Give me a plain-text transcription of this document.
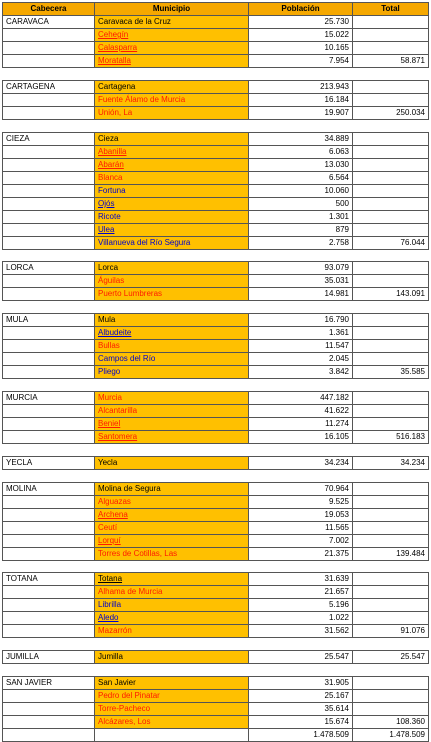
Cabecera	Municipio	Población	Total
CARAVACA	Caravaca de la Cruz	25.730	
	Cehegín	15.022	
	Calasparra	10.165	
	Moratalla	7.954	58.871

CARTAGENA	Cartagena	213.943	
	Fuente Álamo de Murcia	16.184	
	Unión, La	19.907	250.034

CIEZA	Cieza	34.889	
	Abanilla	6.063	
	Abarán	13.030	
	Blanca	6.564	
	Fortuna	10.060	
	Ojós	500	
	Ricote	1.301	
	Ulea	879	
	Villanueva del Río Segura	2.758	76.044

LORCA	Lorca	93.079	
	Águilas	35.031	
	Puerto Lumbreras	14.981	143.091

MULA	Mula	16.790	
	Albudeite	1.361	
	Bullas	11.547	
	Campos del Río	2.045	
	Pliego	3.842	35.585

MURCIA	Murcia	447.182	
	Alcantarilla	41.622	
	Beniel	11.274	
	Santomera	16.105	516.183

YECLA	Yecla	34.234	34.234

MOLINA	Molina de Segura	70.964	
	Alguazas	9.525	
	Archena	19.053	
	Ceutí	11.565	
	Lorquí	7.002	
	Torres de Cotillas, Las	21.375	139.484

TOTANA	Totana	31.639	
	Alhama de Murcia	21.657	
	Librilla	5.196	
	Aledo	1.022	
	Mazarrón	31.562	91.076

JUMILLA	Jumilla	25.547	25.547

SAN JAVIER	San Javier	31.905	
	Pedro del Pinatar	25.167	
	Torre-Pacheco	35.614	
	Alcázares, Los	15.674	108.360
		1.478.509	1.478.509
